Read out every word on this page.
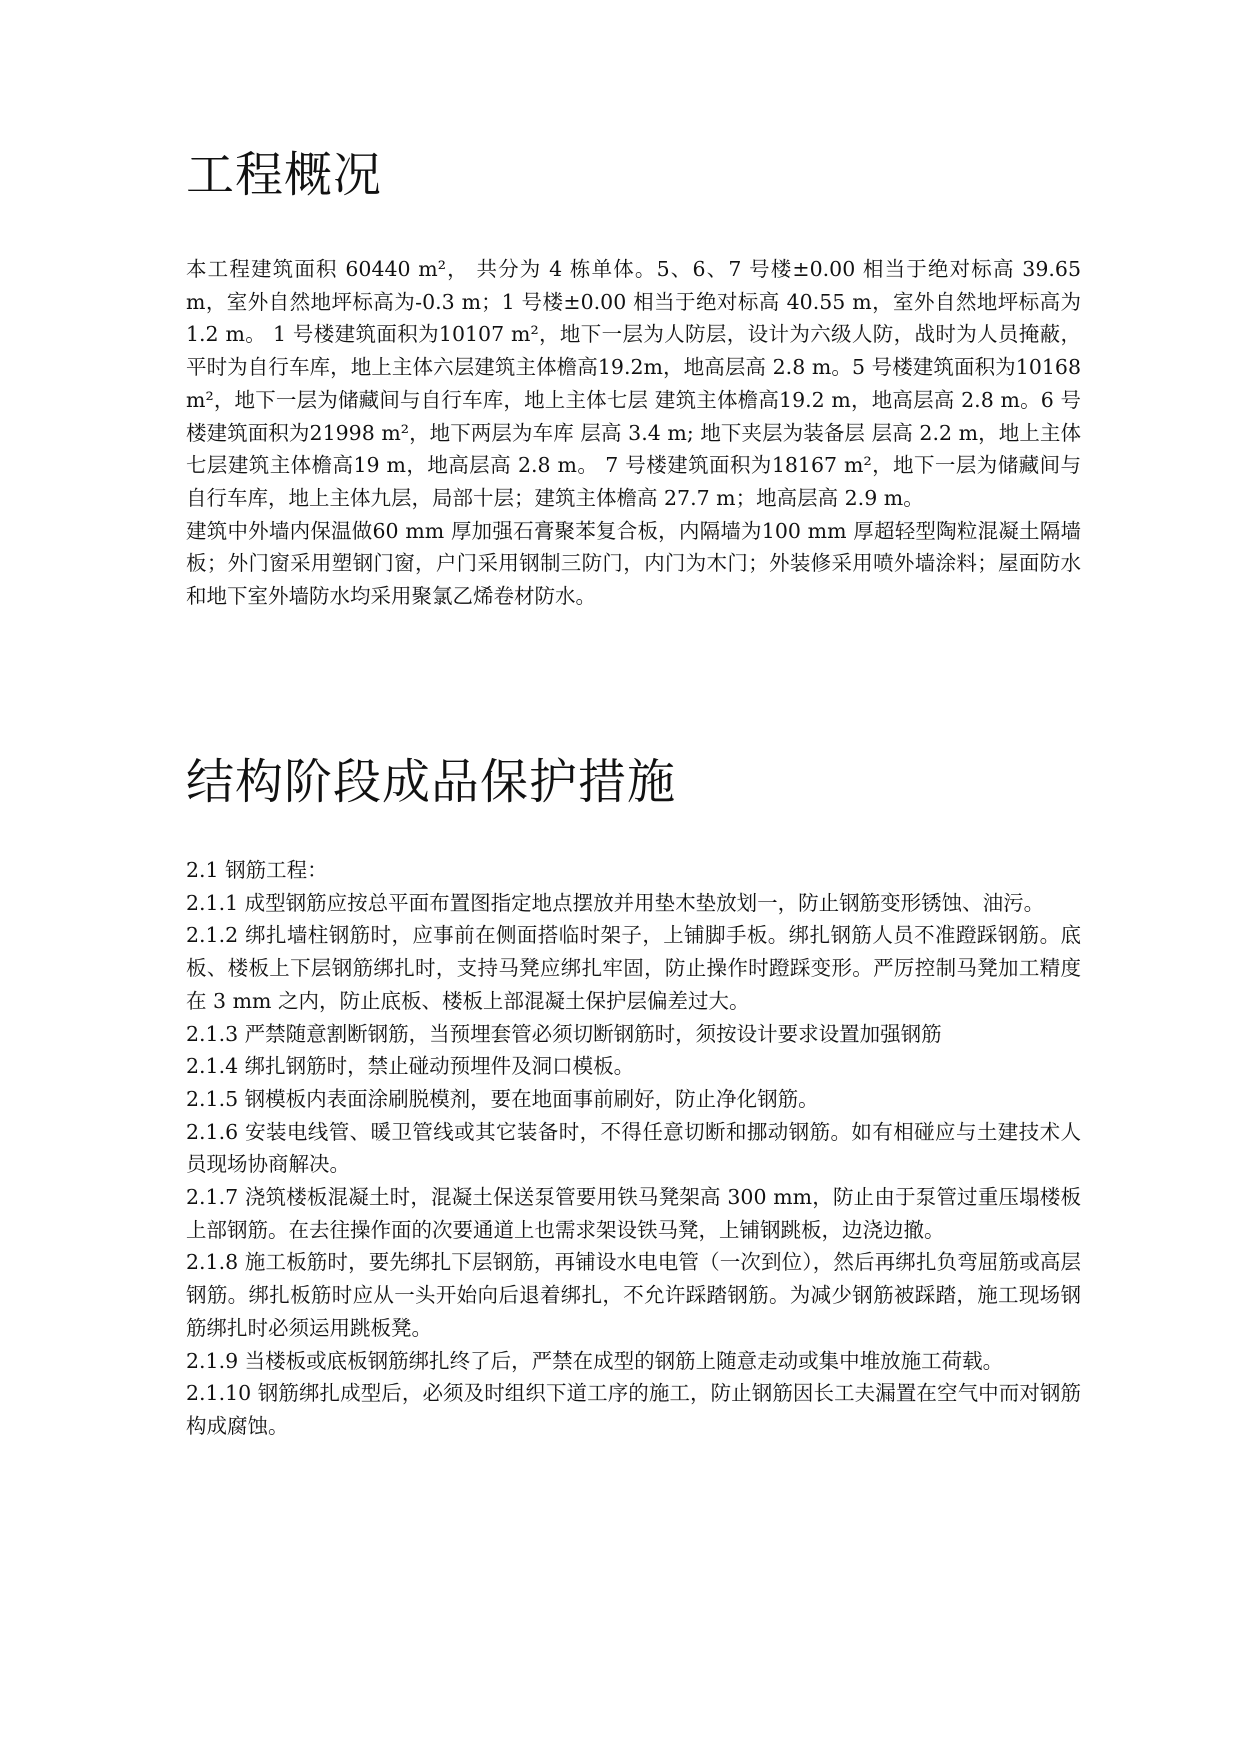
工程概况

本工程建筑面积 60440 m²， 共分为 4 栋单体。5、6、7 号楼±0.00 相当于绝对标高 39.65 m，室外自然地坪标高为-0.3 m；1 号楼±0.00 相当于绝对标高 40.55 m，室外自然地坪标高为1.2 m。 1 号楼建筑面积为10107 m²，地下一层为人防层，设计为六级人防，战时为人员掩蔽，平时为自行车库，地上主体六层建筑主体檐高19.2m，地高层高 2.8 m。5 号楼建筑面积为10168 m²，地下一层为储藏间与自行车库，地上主体七层 建筑主体檐高19.2 m，地高层高 2.8 m。6 号楼建筑面积为21998 m²，地下两层为车库 层高 3.4 m; 地下夹层为装备层 层高 2.2 m，地上主体七层建筑主体檐高19 m，地高层高 2.8 m。 7 号楼建筑面积为18167 m²，地下一层为储藏间与自行车库，地上主体九层，局部十层；建筑主体檐高 27.7 m；地高层高 2.9 m。

建筑中外墙内保温做60 mm 厚加强石膏聚苯复合板，内隔墙为100 mm 厚超轻型陶粒混凝土隔墙板；外门窗采用塑钢门窗，户门采用钢制三防门，内门为木门；外装修采用喷外墙涂料；屋面防水和地下室外墙防水均采用聚氯乙烯卷材防水。

结构阶段成品保护措施

2.1 钢筋工程：

2.1.1 成型钢筋应按总平面布置图指定地点摆放并用垫木垫放划一，防止钢筋变形锈蚀、油污。

2.1.2 绑扎墙柱钢筋时，应事前在侧面搭临时架子，上铺脚手板。绑扎钢筋人员不准蹬踩钢筋。底板、楼板上下层钢筋绑扎时，支持马凳应绑扎牢固，防止操作时蹬踩变形。严厉控制马凳加工精度在 3 mm 之内，防止底板、楼板上部混凝土保护层偏差过大。

2.1.3 严禁随意割断钢筋，当预埋套管必须切断钢筋时，须按设计要求设置加强钢筋

2.1.4 绑扎钢筋时，禁止碰动预埋件及洞口模板。

2.1.5 钢模板内表面涂刷脱模剂，要在地面事前刷好，防止净化钢筋。

2.1.6 安装电线管、暖卫管线或其它装备时，不得任意切断和挪动钢筋。如有相碰应与土建技术人员现场协商解决。

2.1.7 浇筑楼板混凝土时，混凝土保送泵管要用铁马凳架高 300 mm，防止由于泵管过重压塌楼板上部钢筋。在去往操作面的次要通道上也需求架设铁马凳，上铺钢跳板，边浇边撤。

2.1.8 施工板筋时，要先绑扎下层钢筋，再铺设水电电管（一次到位），然后再绑扎负弯屈筋或高层钢筋。绑扎板筋时应从一头开始向后退着绑扎，不允许踩踏钢筋。为减少钢筋被踩踏，施工现场钢筋绑扎时必须运用跳板凳。

2.1.9 当楼板或底板钢筋绑扎终了后，严禁在成型的钢筋上随意走动或集中堆放施工荷载。

2.1.10 钢筋绑扎成型后，必须及时组织下道工序的施工，防止钢筋因长工夫漏置在空气中而对钢筋构成腐蚀。
